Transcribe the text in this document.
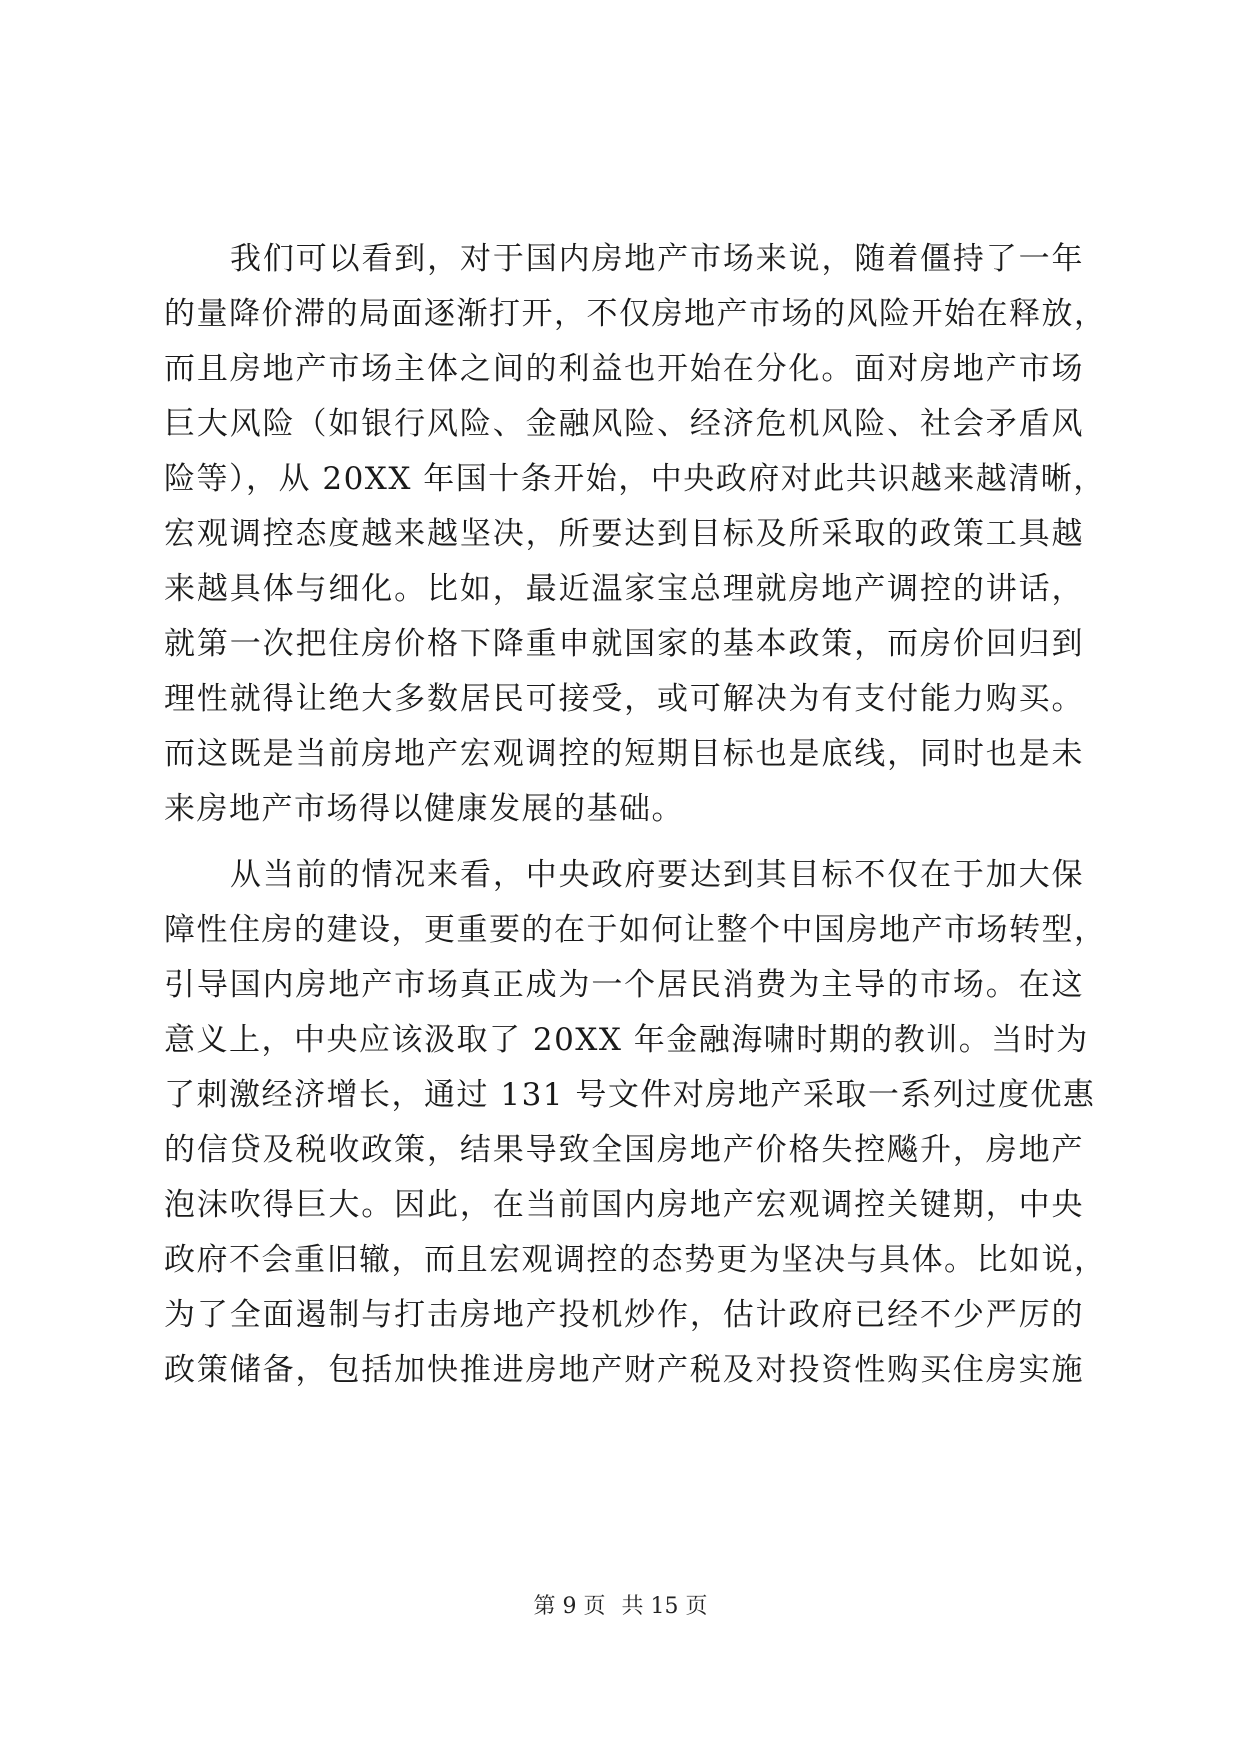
我们可以看到，对于国内房地产市场来说，随着僵持了一年
的量降价滞的局面逐渐打开，不仅房地产市场的风险开始在释放，
而且房地产市场主体之间的利益也开始在分化。面对房地产市场
巨大风险（如银行风险、金融风险、经济危机风险、社会矛盾风
险等），从 20XX 年国十条开始，中央政府对此共识越来越清晰，
宏观调控态度越来越坚决，所要达到目标及所采取的政策工具越
来越具体与细化。比如，最近温家宝总理就房地产调控的讲话，
就第一次把住房价格下降重申就国家的基本政策，而房价回归到
理性就得让绝大多数居民可接受，或可解决为有支付能力购买。
而这既是当前房地产宏观调控的短期目标也是底线，同时也是未
来房地产市场得以健康发展的基础。
从当前的情况来看，中央政府要达到其目标不仅在于加大保
障性住房的建设，更重要的在于如何让整个中国房地产市场转型，
引导国内房地产市场真正成为一个居民消费为主导的市场。在这
意义上，中央应该汲取了 20XX 年金融海啸时期的教训。当时为
了刺激经济增长，通过 131 号文件对房地产采取一系列过度优惠
的信贷及税收政策，结果导致全国房地产价格失控飚升，房地产
泡沫吹得巨大。因此，在当前国内房地产宏观调控关键期，中央
政府不会重旧辙，而且宏观调控的态势更为坚决与具体。比如说，
为了全面遏制与打击房地产投机炒作，估计政府已经不少严厉的
政策储备，包括加快推进房地产财产税及对投资性购买住房实施
第 9 页 共 15 页
